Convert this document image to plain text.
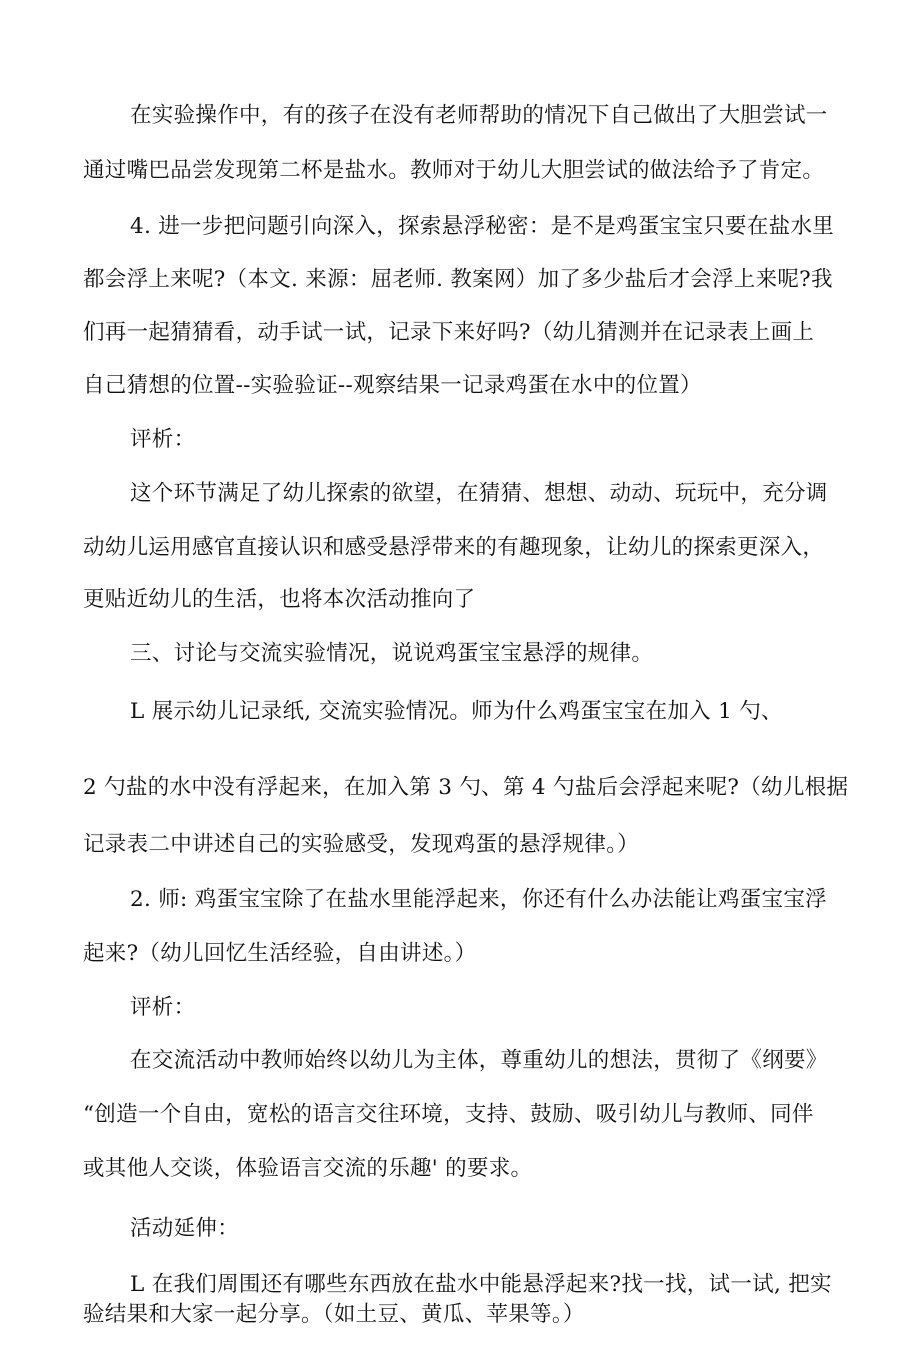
在实验操作中，有的孩子在没有老师帮助的情况下自己做出了大胆尝试一
通过嘴巴品尝发现第二杯是盐水。教师对于幼儿大胆尝试的做法给予了肯定。
4. 进一步把问题引向深入，探索悬浮秘密：是不是鸡蛋宝宝只要在盐水里
都会浮上来呢?（本文. 来源：屈老师. 教案网）加了多少盐后才会浮上来呢?我
们再一起猜猜看，动手试一试，记录下来好吗?（幼儿猜测并在记录表上画上
自己猜想的位置--实验验证--观察结果一记录鸡蛋在水中的位置）
评析：
这个环节满足了幼儿探索的欲望，在猜猜、想想、动动、玩玩中，充分调
动幼儿运用感官直接认识和感受悬浮带来的有趣现象，让幼儿的探索更深入，
更贴近幼儿的生活，也将本次活动推向了
三、讨论与交流实验情况，说说鸡蛋宝宝悬浮的规律。
L 展示幼儿记录纸, 交流实验情况。师为什么鸡蛋宝宝在加入 1 勺、
2 勺盐的水中没有浮起来，在加入第 3 勺、第 4 勺盐后会浮起来呢?（幼儿根据
记录表二中讲述自己的实验感受，发现鸡蛋的悬浮规律。）
2. 师: 鸡蛋宝宝除了在盐水里能浮起来，你还有什么办法能让鸡蛋宝宝浮
起来?（幼儿回忆生活经验，自由讲述。）
评析：
在交流活动中教师始终以幼儿为主体，尊重幼儿的想法，贯彻了《纲要》
“创造一个自由，宽松的语言交往环境，支持、鼓励、吸引幼儿与教师、同伴
或其他人交谈，体验语言交流的乐趣' 的要求。
活动延伸：
L 在我们周围还有哪些东西放在盐水中能悬浮起来?找一找，试一试, 把实
验结果和大家一起分享。（如土豆、黄瓜、苹果等。）
